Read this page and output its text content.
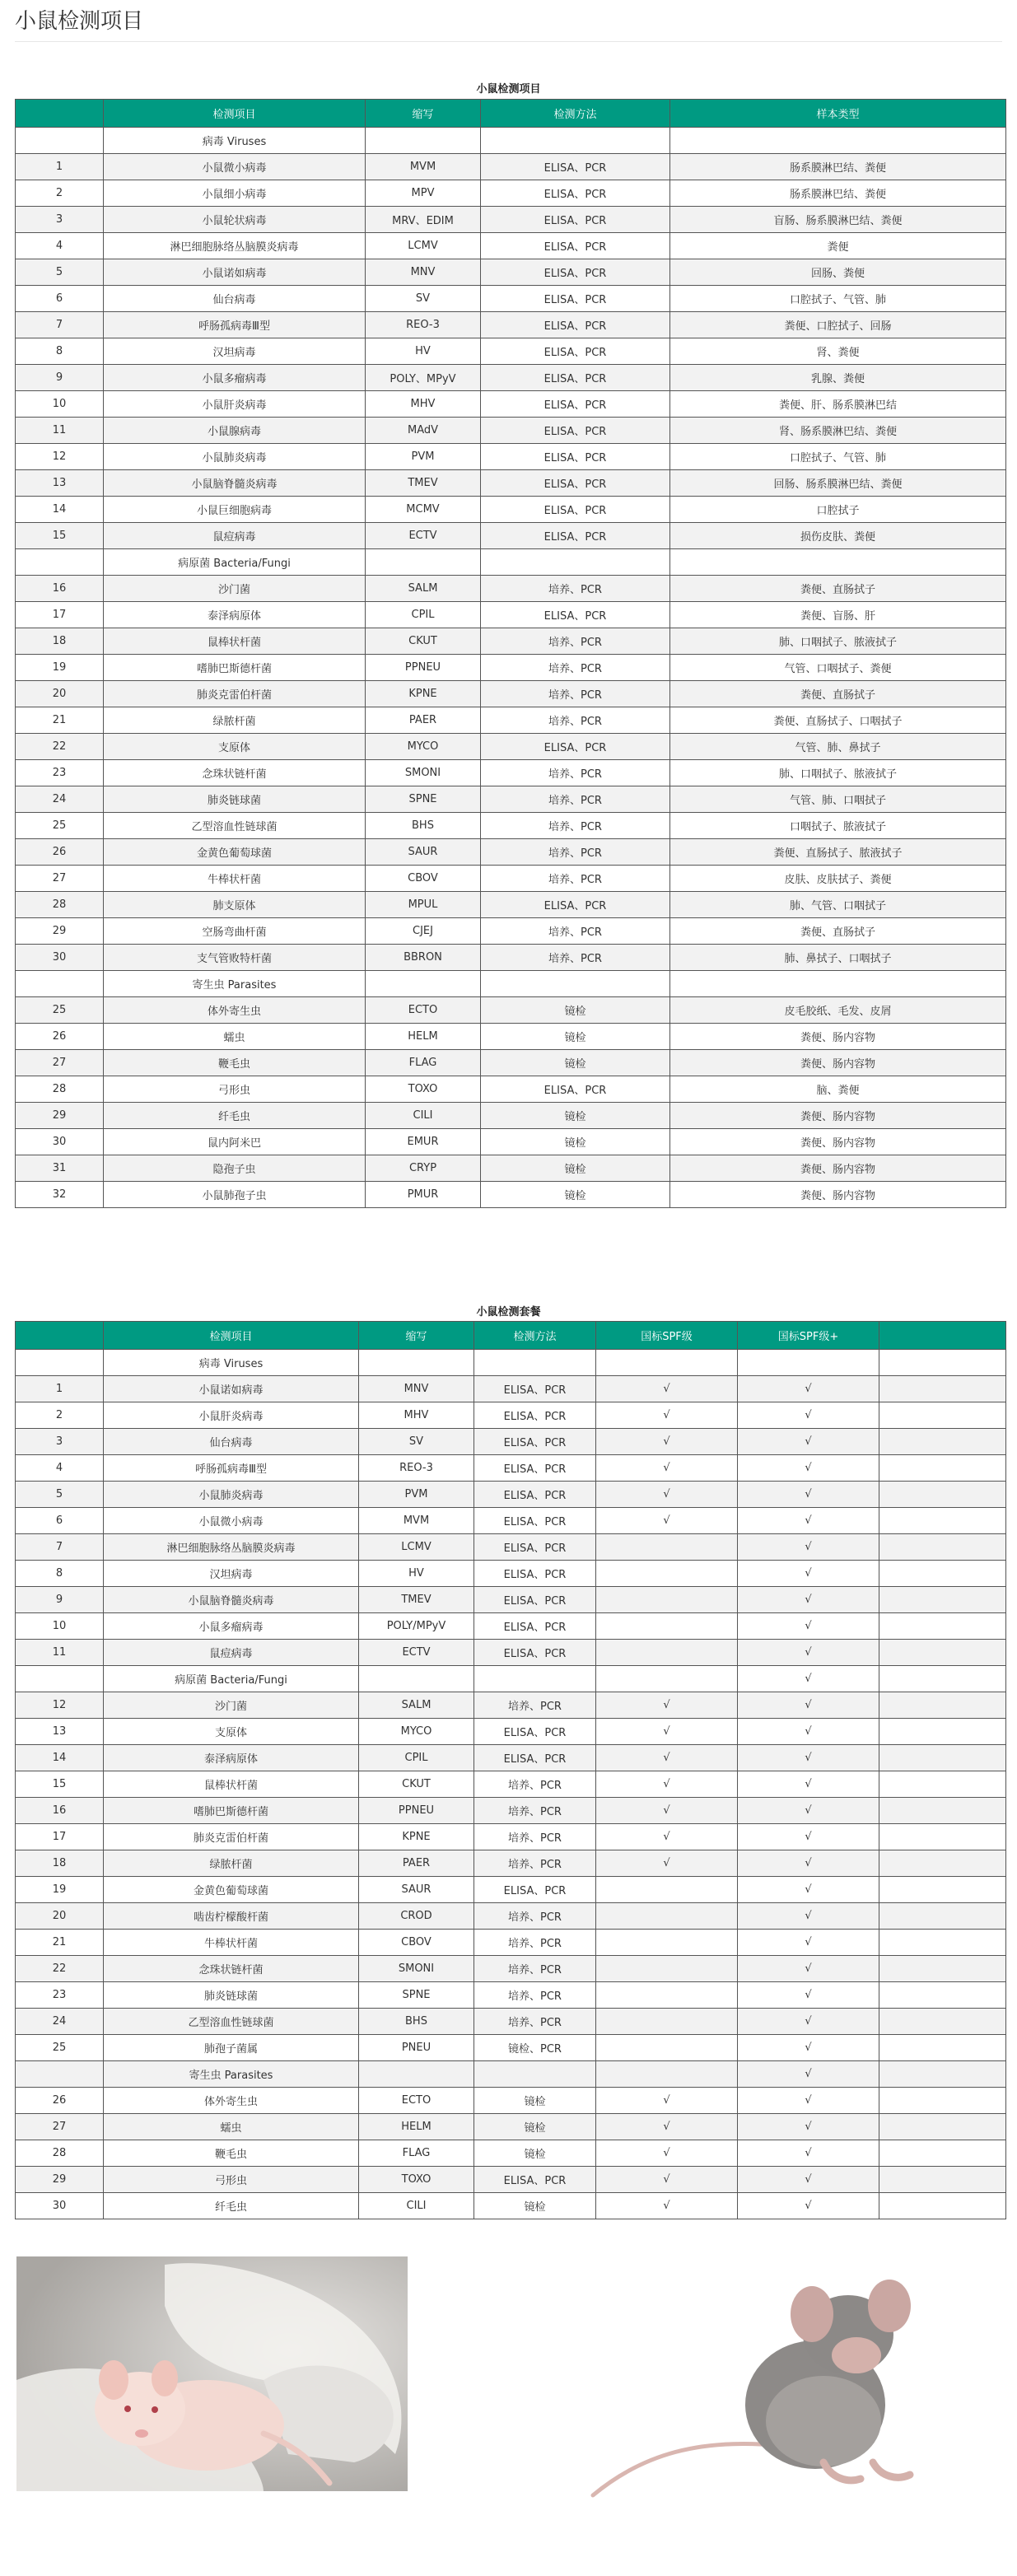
小鼠检测项目
小鼠检测项目
	检测项目	缩写	检测方法	样本类型
	病毒 Viruses			
1	小鼠微小病毒	MVM	ELISA、PCR	肠系膜淋巴结、粪便
2	小鼠细小病毒	MPV	ELISA、PCR	肠系膜淋巴结、粪便
3	小鼠轮状病毒	MRV、EDIM	ELISA、PCR	盲肠、肠系膜淋巴结、粪便
4	淋巴细胞脉络丛脑膜炎病毒	LCMV	ELISA、PCR	粪便
5	小鼠诺如病毒	MNV	ELISA、PCR	回肠、粪便
6	仙台病毒	SV	ELISA、PCR	口腔拭子、气管、肺
7	呼肠孤病毒Ⅲ型	REO-3	ELISA、PCR	粪便、口腔拭子、回肠
8	汉坦病毒	HV	ELISA、PCR	肾、粪便
9	小鼠多瘤病毒	POLY、MPyV	ELISA、PCR	乳腺、粪便
10	小鼠肝炎病毒	MHV	ELISA、PCR	粪便、肝、肠系膜淋巴结
11	小鼠腺病毒	MAdV	ELISA、PCR	肾、肠系膜淋巴结、粪便
12	小鼠肺炎病毒	PVM	ELISA、PCR	口腔拭子、气管、肺
13	小鼠脑脊髓炎病毒	TMEV	ELISA、PCR	回肠、肠系膜淋巴结、粪便
14	小鼠巨细胞病毒	MCMV	ELISA、PCR	口腔拭子
15	鼠痘病毒	ECTV	ELISA、PCR	损伤皮肤、粪便
	病原菌 Bacteria/Fungi			
16	沙门菌	SALM	培养、PCR	粪便、直肠拭子
17	泰泽病原体	CPIL	ELISA、PCR	粪便、盲肠、肝
18	鼠棒状杆菌	CKUT	培养、PCR	肺、口咽拭子、脓液拭子
19	嗜肺巴斯德杆菌	PPNEU	培养、PCR	气管、口咽拭子、粪便
20	肺炎克雷伯杆菌	KPNE	培养、PCR	粪便、直肠拭子
21	绿脓杆菌	PAER	培养、PCR	粪便、直肠拭子、口咽拭子
22	支原体	MYCO	ELISA、PCR	气管、肺、鼻拭子
23	念珠状链杆菌	SMONI	培养、PCR	肺、口咽拭子、脓液拭子
24	肺炎链球菌	SPNE	培养、PCR	气管、肺、口咽拭子
25	乙型溶血性链球菌	BHS	培养、PCR	口咽拭子、脓液拭子
26	金黄色葡萄球菌	SAUR	培养、PCR	粪便、直肠拭子、脓液拭子
27	牛棒状杆菌	CBOV	培养、PCR	皮肤、皮肤拭子、粪便
28	肺支原体	MPUL	ELISA、PCR	肺、气管、口咽拭子
29	空肠弯曲杆菌	CJEJ	培养、PCR	粪便、直肠拭子
30	支气管败特杆菌	BBRON	培养、PCR	肺、鼻拭子、口咽拭子
	寄生虫 Parasites			
25	体外寄生虫	ECTO	镜检	皮毛胶纸、毛发、皮屑
26	蠕虫	HELM	镜检	粪便、肠内容物
27	鞭毛虫	FLAG	镜检	粪便、肠内容物
28	弓形虫	TOXO	ELISA、PCR	脑、粪便
29	纤毛虫	CILI	镜检	粪便、肠内容物
30	鼠内阿米巴	EMUR	镜检	粪便、肠内容物
31	隐孢子虫	CRYP	镜检	粪便、肠内容物
32	小鼠肺孢子虫	PMUR	镜检	粪便、肠内容物
小鼠检测套餐
	检测项目	缩写	检测方法	国标SPF级	国标SPF级+	
	病毒 Viruses					
1	小鼠诺如病毒	MNV	ELISA、PCR	√	√	
2	小鼠肝炎病毒	MHV	ELISA、PCR	√	√	
3	仙台病毒	SV	ELISA、PCR	√	√	
4	呼肠孤病毒Ⅲ型	REO-3	ELISA、PCR	√	√	
5	小鼠肺炎病毒	PVM	ELISA、PCR	√	√	
6	小鼠微小病毒	MVM	ELISA、PCR	√	√	
7	淋巴细胞脉络丛脑膜炎病毒	LCMV	ELISA、PCR		√	
8	汉坦病毒	HV	ELISA、PCR		√	
9	小鼠脑脊髓炎病毒	TMEV	ELISA、PCR		√	
10	小鼠多瘤病毒	POLY/MPyV	ELISA、PCR		√	
11	鼠痘病毒	ECTV	ELISA、PCR		√	
	病原菌 Bacteria/Fungi				√	
12	沙门菌	SALM	培养、PCR	√	√	
13	支原体	MYCO	ELISA、PCR	√	√	
14	泰泽病原体	CPIL	ELISA、PCR	√	√	
15	鼠棒状杆菌	CKUT	培养、PCR	√	√	
16	嗜肺巴斯德杆菌	PPNEU	培养、PCR	√	√	
17	肺炎克雷伯杆菌	KPNE	培养、PCR	√	√	
18	绿脓杆菌	PAER	培养、PCR	√	√	
19	金黄色葡萄球菌	SAUR	ELISA、PCR		√	
20	啮齿柠檬酸杆菌	CROD	培养、PCR		√	
21	牛棒状杆菌	CBOV	培养、PCR		√	
22	念珠状链杆菌	SMONI	培养、PCR		√	
23	肺炎链球菌	SPNE	培养、PCR		√	
24	乙型溶血性链球菌	BHS	培养、PCR		√	
25	肺孢子菌属	PNEU	镜检、PCR		√	
	寄生虫 Parasites				√	
26	体外寄生虫	ECTO	镜检	√	√	
27	蠕虫	HELM	镜检	√	√	
28	鞭毛虫	FLAG	镜检	√	√	
29	弓形虫	TOXO	ELISA、PCR	√	√	
30	纤毛虫	CILI	镜检	√	√	
